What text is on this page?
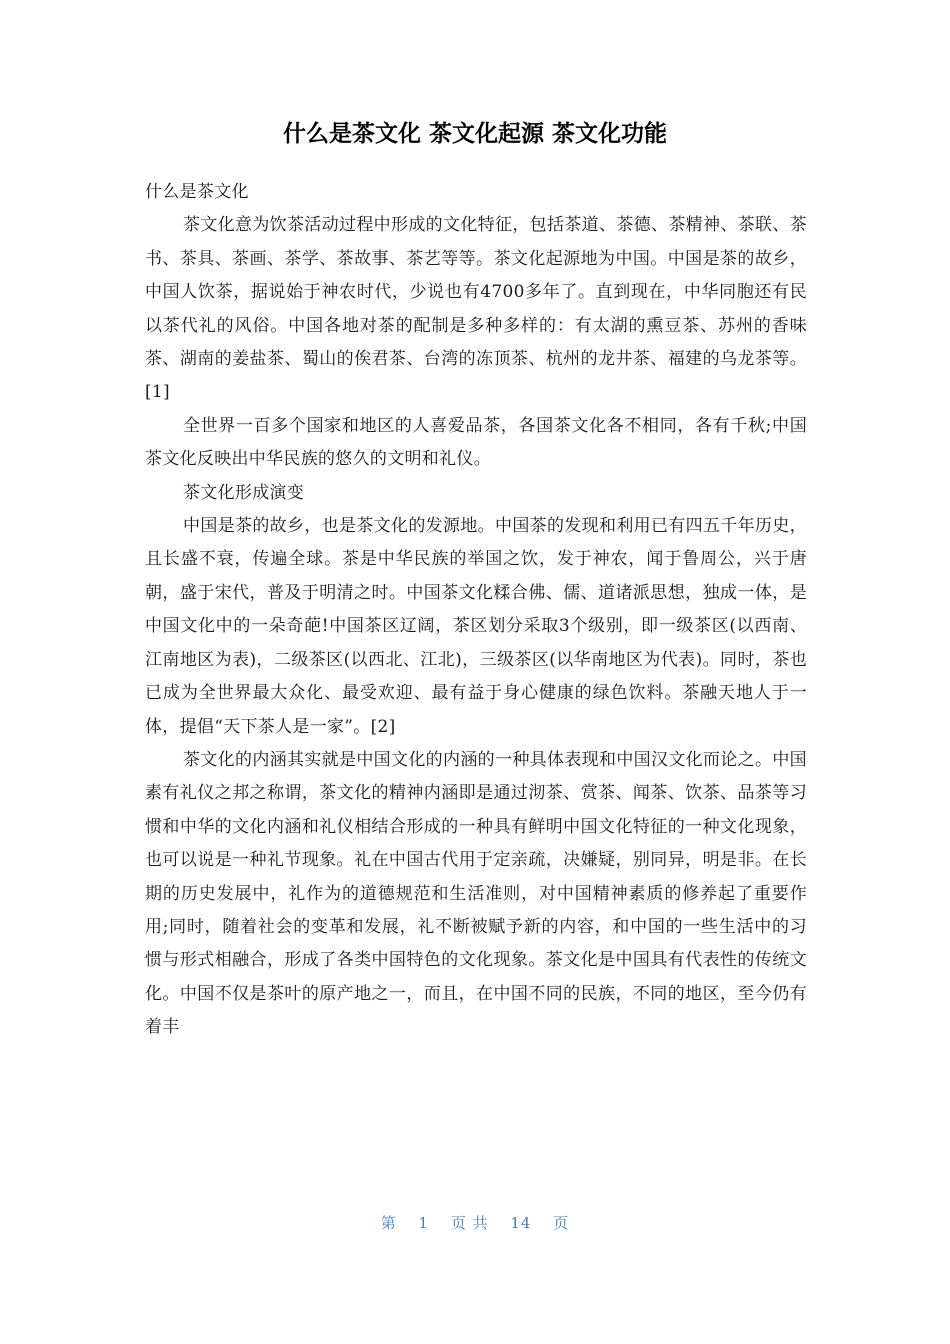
什么是茶文化 茶文化起源 茶文化功能

什么是茶文化

茶文化意为饮茶活动过程中形成的文化特征，包括茶道、茶德、茶精神、茶联、茶书、茶具、茶画、茶学、茶故事、茶艺等等。茶文化起源地为中国。中国是茶的故乡，中国人饮茶，据说始于神农时代，少说也有4700多年了。直到现在，中华同胞还有民以茶代礼的风俗。中国各地对茶的配制是多种多样的：有太湖的熏豆茶、苏州的香味茶、湖南的姜盐茶、蜀山的俟君茶、台湾的冻顶茶、杭州的龙井茶、福建的乌龙茶等。[1]

全世界一百多个国家和地区的人喜爱品茶，各国茶文化各不相同，各有千秋;中国茶文化反映出中华民族的悠久的文明和礼仪。

茶文化形成演变

中国是茶的故乡，也是茶文化的发源地。中国茶的发现和利用已有四五千年历史，且长盛不衰，传遍全球。茶是中华民族的举国之饮，发于神农，闻于鲁周公，兴于唐朝，盛于宋代，普及于明清之时。中国茶文化糅合佛、儒、道诸派思想，独成一体，是中国文化中的一朵奇葩!中国茶区辽阔，茶区划分采取3个级别，即一级茶区(以西南、江南地区为表)，二级茶区(以西北、江北)，三级茶区(以华南地区为代表)。同时，茶也已成为全世界最大众化、最受欢迎、最有益于身心健康的绿色饮料。茶融天地人于一体，提倡“天下茶人是一家”。[2]

茶文化的内涵其实就是中国文化的内涵的一种具体表现和中国汉文化而论之。中国素有礼仪之邦之称谓，茶文化的精神内涵即是通过沏茶、赏茶、闻茶、饮茶、品茶等习惯和中华的文化内涵和礼仪相结合形成的一种具有鲜明中国文化特征的一种文化现象，也可以说是一种礼节现象。礼在中国古代用于定亲疏，决嫌疑，别同异，明是非。在长期的历史发展中，礼作为的道德规范和生活准则，对中国精神素质的修养起了重要作用;同时，随着社会的变革和发展，礼不断被赋予新的内容，和中国的一些生活中的习惯与形式相融合，形成了各类中国特色的文化现象。茶文化是中国具有代表性的传统文化。中国不仅是茶叶的原产地之一，而且，在中国不同的民族，不同的地区，至今仍有着丰

第 1 页 共 14 页
